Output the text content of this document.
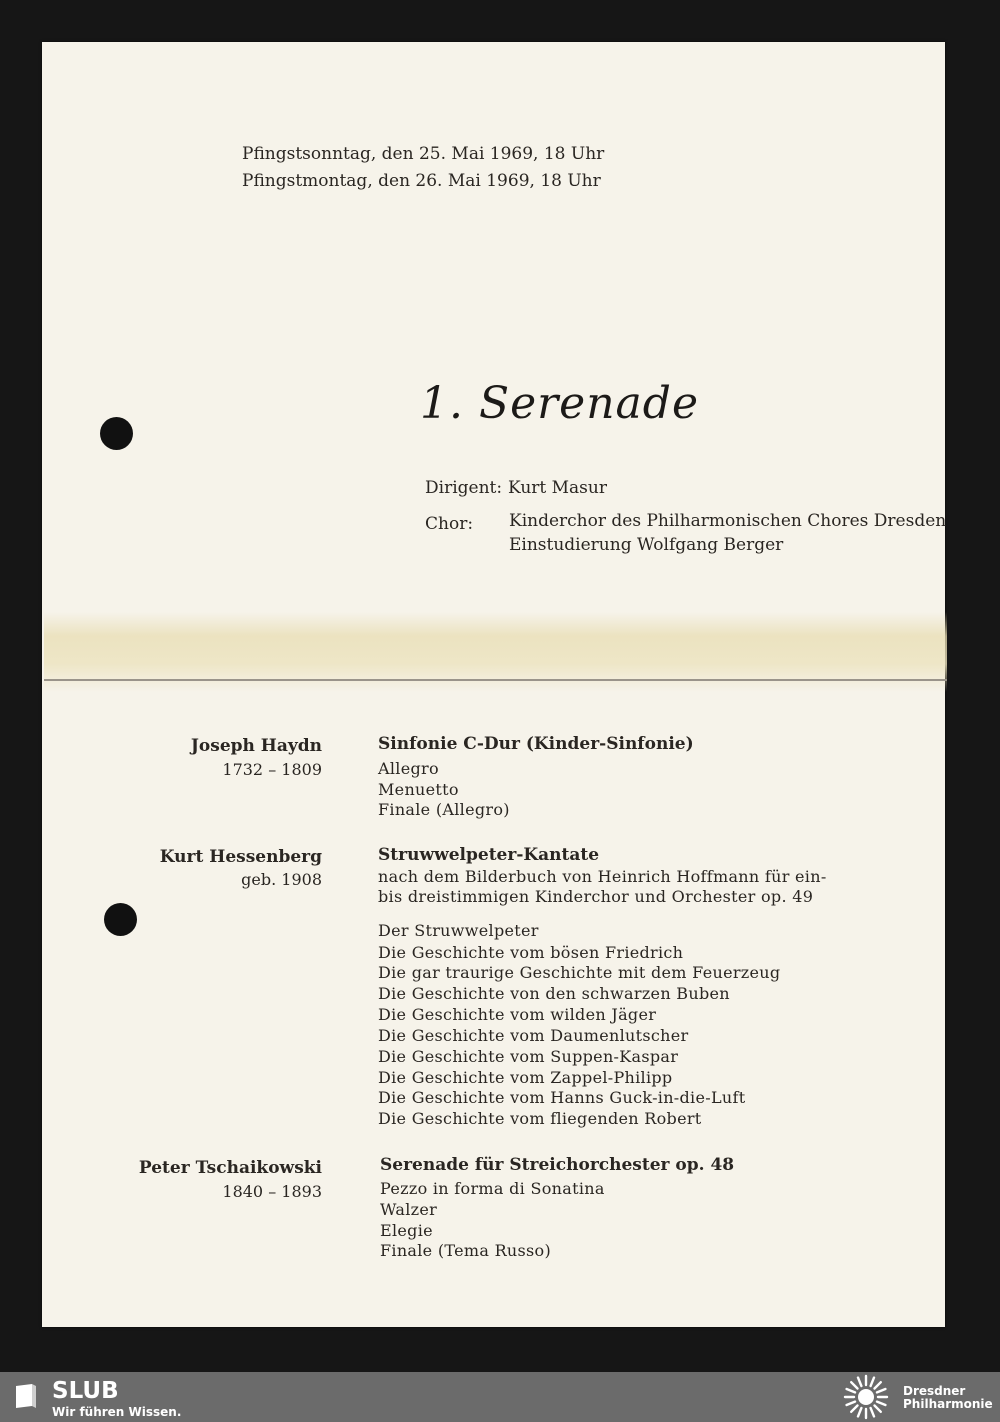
Pfingstsonntag, den 25. Mai 1969, 18 Uhr
Pfingstmontag, den 26. Mai 1969, 18 Uhr
1. Serenade
Dirigent: Kurt Masur
Chor: Kinderchor des Philharmonischen Chores Dresden
Einstudierung Wolfgang Berger
Joseph Haydn
1732 – 1809
Sinfonie C-Dur (Kinder-Sinfonie)
Allegro
Menuetto
Finale (Allegro)
Kurt Hessenberg
geb. 1908
Struwwelpeter-Kantate
nach dem Bilderbuch von Heinrich Hoffmann für ein-
bis dreistimmigen Kinderchor und Orchester op. 49
Der Struwwelpeter
Die Geschichte vom bösen Friedrich
Die gar traurige Geschichte mit dem Feuerzeug
Die Geschichte von den schwarzen Buben
Die Geschichte vom wilden Jäger
Die Geschichte vom Daumenlutscher
Die Geschichte vom Suppen-Kaspar
Die Geschichte vom Zappel-Philipp
Die Geschichte vom Hanns Guck-in-die-Luft
Die Geschichte vom fliegenden Robert
Peter Tschaikowski
1840 – 1893
Serenade für Streichorchester op. 48
Pezzo in forma di Sonatina
Walzer
Elegie
Finale (Tema Russo)
SLUB
Wir führen Wissen.
Dresdner
Philharmonie
